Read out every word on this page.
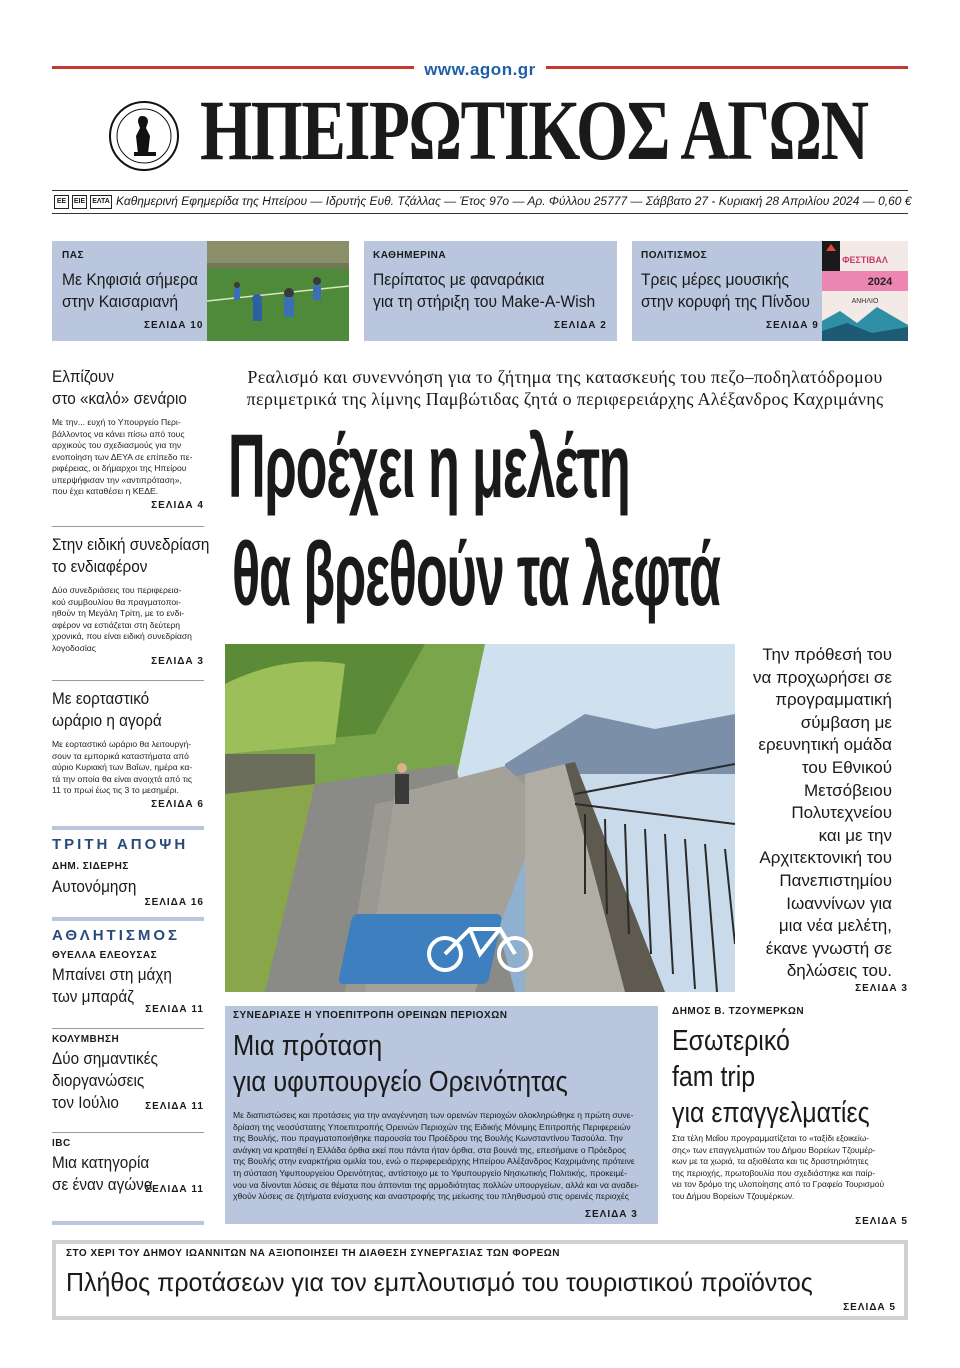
www.agon.gr
ΗΠΕΙΡΩΤΙΚΟΣ ΑΓΩΝ
ΕΕ	ΕΙΕ	ΕΛΤΑ Καθημερινή Εφημερίδα της Ηπείρου — Ιδρυτής Ευθ. Τζάλλας — Έτος 97ο — Αρ. Φύλλου 25777 — Σάββατο 27 - Κυριακή 28 Απριλίου 2024 — 0,60 €
ΠΑΣ
Με Κηφισιά σήμερα
στην Καισαριανή
ΣΕΛΙΔΑ 10
ΚΑΘΗΜΕΡΙΝΑ
Περίπατος με φαναράκια
για τη στήριξη του Make-A-Wish
ΣΕΛΙΔΑ 2
ΠΟΛΙΤΙΣΜΟΣ
Τρεις μέρες μουσικής
στην κορυφή της Πίνδου
ΣΕΛΙΔΑ 9
ΦΕΣΤΙΒΑΛ
2024
ΑΝΗΛΙΟ
Ελπίζουν
στο «καλό» σενάριο
Με την... ευχή το Υπουργείο Περι-
βάλλοντος να κάνει πίσω από τους
αρχικούς του σχεδιασμούς για την
ενοποίηση των ΔΕΥΑ σε επίπεδο πε-
ριφέρειας, οι δήμαρχοι της Ηπείρου
υπερψήφισαν την «αντιπρόταση»,
που έχει καταθέσει η ΚΕΔΕ.
ΣΕΛΙΔΑ 4
Στην ειδική συνεδρίαση
το ενδιαφέρον
Δύο συνεδριάσεις του περιφερεια-
κού συμβουλίου θα πραγματοποι-
ηθούν τη Μεγάλη Τρίτη, με το ενδι-
αφέρον να εστιάζεται στη δεύτερη
χρονικά, που είναι ειδική συνεδρίαση
λογοδοσίας
ΣΕΛΙΔΑ 3
Με εορταστικό
ωράριο η αγορά
Με εορταστικό ωράριο θα λειτουργή-
σουν τα εμπορικά καταστήματα από
αύριο Κυριακή των Βαΐων, ημέρα κα-
τά την οποία θα είναι ανοιχτά από τις
11 το πρωί έως τις 3 το μεσημέρι.
ΣΕΛΙΔΑ 6
ΤΡΙΤΗ ΑΠΟΨΗ
ΔΗΜ. ΣΙΔΕΡΗΣ
Αυτονόμηση
ΣΕΛΙΔΑ 16
ΑΘΛΗΤΙΣΜΟΣ
ΘΥΕΛΛΑ ΕΛΕΟΥΣΑΣ
Μπαίνει στη μάχη
των μπαράζ
ΣΕΛΙΔΑ 11
ΚΟΛΥΜΒΗΣΗ
Δύο σημαντικές
διοργανώσεις
τον Ιούλιο	ΣΕΛΙΔΑ 11
IBC
Μια κατηγορία
σε έναν αγώνα
ΣΕΛΙΔΑ 11
Ρεαλισμό και συνεννόηση για το ζήτημα της κατασκευής του πεζο–ποδηλατόδρομου
περιμετρικά της λίμνης Παμβώτιδας ζητά ο περιφερειάρχης Αλέξανδρος Καχριμάνης
Προέχει η μελέτη
θα βρεθούν τα λεφτά
Την πρόθεσή του
να προχωρήσει σε
προγραμματική
σύμβαση με
ερευνητική ομάδα
του Εθνικού
Μετσόβειου
Πολυτεχνείου
και με την
Αρχιτεκτονική του
Πανεπιστημίου
Ιωαννίνων για
μια νέα μελέτη,
έκανε γνωστή σε
δηλώσεις του.
ΣΕΛΙΔΑ 3
ΣΥΝΕΔΡΙΑΣΕ Η ΥΠΟΕΠΙΤΡΟΠΗ ΟΡΕΙΝΩΝ ΠΕΡΙΟΧΩΝ
Μια πρόταση
για υφυπουργείο Ορεινότητας
Με διαπιστώσεις και προτάσεις για την αναγέννηση των ορεινών περιοχών ολοκληρώθηκε η πρώτη συνε-
δρίαση της νεοσύστατης Υποεπιτροπής Ορεινών Περιοχών της Ειδικής Μόνιμης Επιτροπής Περιφερειών
της Βουλής, που πραγματοποιήθηκε παρουσία του Προέδρου της Βουλής Κωνσταντίνου Τασούλα. Την
ανάγκη να κρατηθεί η Ελλάδα όρθια εκεί που πάντα ήταν όρθια, στα βουνά της, επεσήμανε ο Πρόεδρος
της Βουλής στην εναρκτήρια ομιλία του, ενώ ο περιφερειάρχης Ηπείρου Αλέξανδρος Καχριμάνης πρότεινε
τη σύσταση Υφυπουργείου Ορεινότητας, αντίστοιχο με το Υφυπουργείο Νησιωτικής Πολιτικής, προκειμέ-
νου να δίνονται λύσεις σε θέματα που άπτονται της αρμοδιότητας πολλών υπουργείων, αλλά και να αναδει-
χθούν λύσεις σε ζητήματα ενίσχυσης και αναστροφής της μείωσης του πληθυσμού στις ορεινές περιοχές
ΣΕΛΙΔΑ 3
ΔΗΜΟΣ Β. ΤΖΟΥΜΕΡΚΩΝ
Εσωτερικό
fam trip
για επαγγελματίες
Στα τέλη Μαΐου προγραμματίζεται το «ταξίδι εξοικείω-
σης» των επαγγελματιών του Δήμου Βορείων Τζουμέρ-
κων με τα χωριά, τα αξιοθέατα και τις δραστηριότητες
της περιοχής, πρωτοβουλία που σχεδιάστηκε και παίρ-
νει τον δρόμο της υλοποίησης από το Γραφείο Τουρισμού
του Δήμου Βορείων Τζουμέρκων.
ΣΕΛΙΔΑ 5
ΣΤΟ ΧΕΡΙ ΤΟΥ ΔΗΜΟΥ ΙΩΑΝΝΙΤΩΝ ΝΑ ΑΞΙΟΠΟΙΗΣΕΙ ΤΗ ΔΙΑΘΕΣΗ ΣΥΝΕΡΓΑΣΙΑΣ ΤΩΝ ΦΟΡΕΩΝ
Πλήθος προτάσεων για τον εμπλουτισμό του τουριστικού προϊόντος
ΣΕΛΙΔΑ 5
